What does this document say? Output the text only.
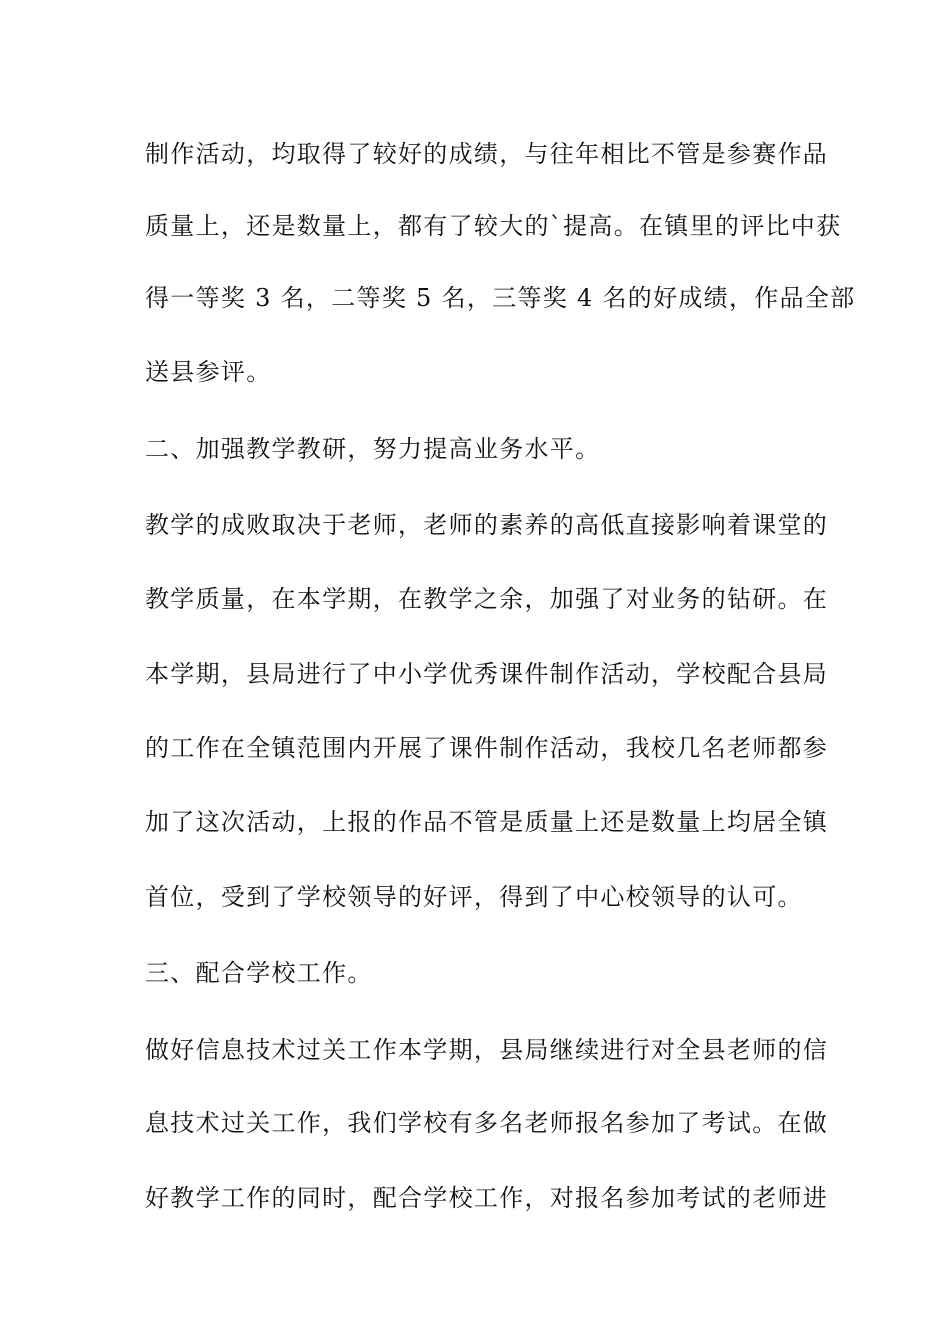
制作活动，均取得了较好的成绩，与往年相比不管是参赛作品
质量上，还是数量上，都有了较大的`提高。在镇里的评比中获
得一等奖 3 名，二等奖 5 名，三等奖 4 名的好成绩，作品全部
送县参评。
二、加强教学教研，努力提高业务水平。
教学的成败取决于老师，老师的素养的高低直接影响着课堂的
教学质量，在本学期，在教学之余，加强了对业务的钻研。在
本学期，县局进行了中小学优秀课件制作活动，学校配合县局
的工作在全镇范围内开展了课件制作活动，我校几名老师都参
加了这次活动，上报的作品不管是质量上还是数量上均居全镇
首位，受到了学校领导的好评，得到了中心校领导的认可。
三、配合学校工作。
做好信息技术过关工作本学期，县局继续进行对全县老师的信
息技术过关工作，我们学校有多名老师报名参加了考试。在做
好教学工作的同时，配合学校工作，对报名参加考试的老师进
